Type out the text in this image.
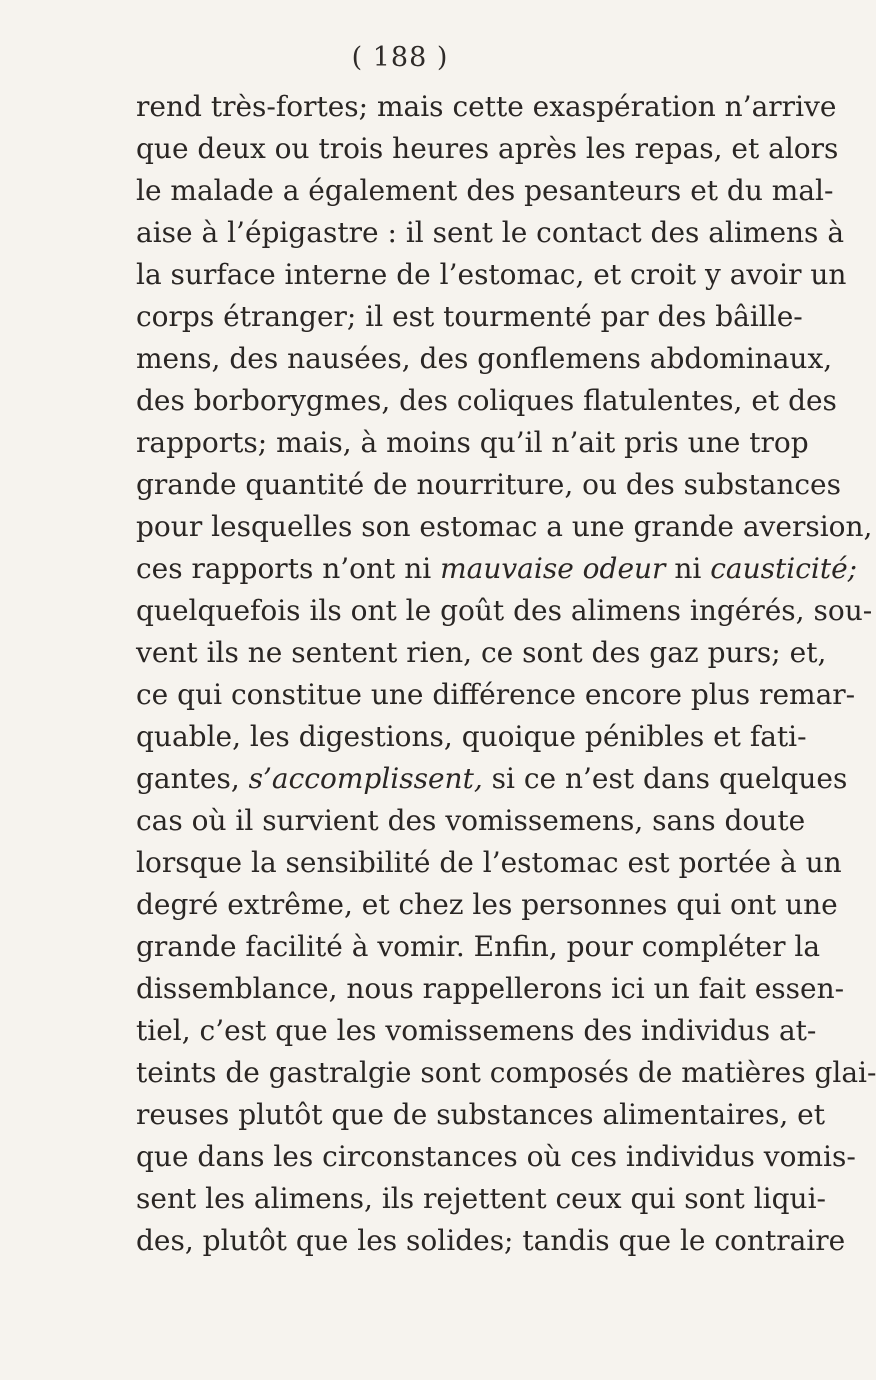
( 188 )
rend très-fortes; mais cette exaspération n’arrive
que deux ou trois heures après les repas, et alors
le malade a également des pesanteurs et du mal-
aise à l’épigastre : il sent le contact des alimens à
la surface interne de l’estomac, et croit y avoir un
corps étranger; il est tourmenté par des bâille-
mens, des nausées, des gonflemens abdominaux,
des borborygmes, des coliques flatulentes, et des
rapports; mais, à moins qu’il n’ait pris une trop
grande quantité de nourriture, ou des substances
pour lesquelles son estomac a une grande aversion,
ces rapports n’ont ni mauvaise odeur ni causticité;
quelquefois ils ont le goût des alimens ingérés, sou-
vent ils ne sentent rien, ce sont des gaz purs; et,
ce qui constitue une différence encore plus remar-
quable, les digestions, quoique pénibles et fati-
gantes, s’accomplissent, si ce n’est dans quelques
cas où il survient des vomissemens, sans doute
lorsque la sensibilité de l’estomac est portée à un
degré extrême, et chez les personnes qui ont une
grande facilité à vomir. Enfin, pour compléter la
dissemblance, nous rappellerons ici un fait essen-
tiel, c’est que les vomissemens des individus at-
teints de gastralgie sont composés de matières glai-
reuses plutôt que de substances alimentaires, et
que dans les circonstances où ces individus vomis-
sent les alimens, ils rejettent ceux qui sont liqui-
des, plutôt que les solides; tandis que le contraire
